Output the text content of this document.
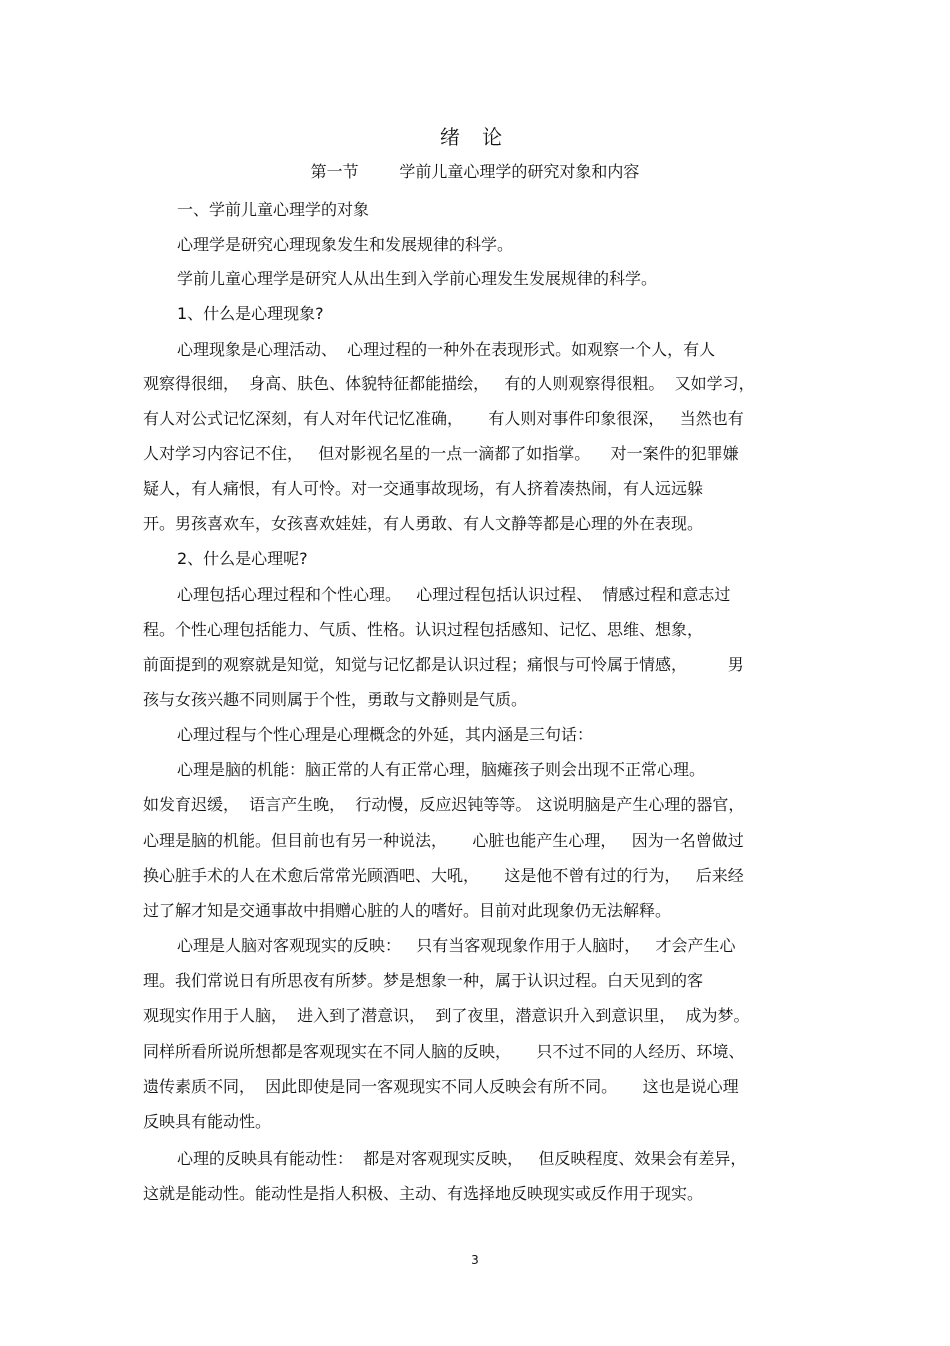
绪 论
第一节        学前儿童心理学的研究对象和内容
一、学前儿童心理学的对象
心理学是研究心理现象发生和发展规律的科学。
学前儿童心理学是研究人从出生到入学前心理发生发展规律的科学。
1、什么是心理现象?
心理现象是心理活动、  心理过程的一种外在表现形式。如观察一个人，有人
观察得很细，  身高、肤色、体貌特征都能描绘，   有的人则观察得很粗。  又如学习，
有人对公式记忆深刻，有人对年代记忆准确，     有人则对事件印象很深，   当然也有
人对学习内容记不住，   但对影视名星的一点一滴都了如指掌。    对一案件的犯罪嫌
疑人，有人痛恨，有人可怜。对一交通事故现场，有人挤着凑热闹，有人远远躲
开。男孩喜欢车，女孩喜欢娃娃，有人勇敢、有人文静等都是心理的外在表现。
2、什么是心理呢?
心理包括心理过程和个性心理。   心理过程包括认识过程、  情感过程和意志过
程。个性心理包括能力、气质、性格。认识过程包括感知、记忆、思维、想象，
前面提到的观察就是知觉，知觉与记忆都是认识过程；痛恨与可怜属于情感，        男
孩与女孩兴趣不同则属于个性，勇敢与文静则是气质。
心理过程与个性心理是心理概念的外延，其内涵是三句话：
心理是脑的机能：脑正常的人有正常心理，脑瘫孩子则会出现不正常心理。
如发育迟缓，  语言产生晚，  行动慢，反应迟钝等等。 这说明脑是产生心理的器官，
心理是脑的机能。但目前也有另一种说法，     心脏也能产生心理，   因为一名曾做过
换心脏手术的人在术愈后常常光顾酒吧、大吼，     这是他不曾有过的行为，   后来经
过了解才知是交通事故中捐赠心脏的人的嗜好。目前对此现象仍无法解释。
心理是人脑对客观现实的反映：   只有当客观现象作用于人脑时，   才会产生心
理。我们常说日有所思夜有所梦。梦是想象一种，属于认识过程。白天见到的客
观现实作用于人脑，  进入到了潜意识，  到了夜里，潜意识升入到意识里，  成为梦。
同样所看所说所想都是客观现实在不同人脑的反映，     只不过不同的人经历、环境、
遗传素质不同，  因此即使是同一客观现实不同人反映会有所不同。     这也是说心理
反映具有能动性。
心理的反映具有能动性：  都是对客观现实反映，   但反映程度、效果会有差异，
这就是能动性。能动性是指人积极、主动、有选择地反映现实或反作用于现实。
3
